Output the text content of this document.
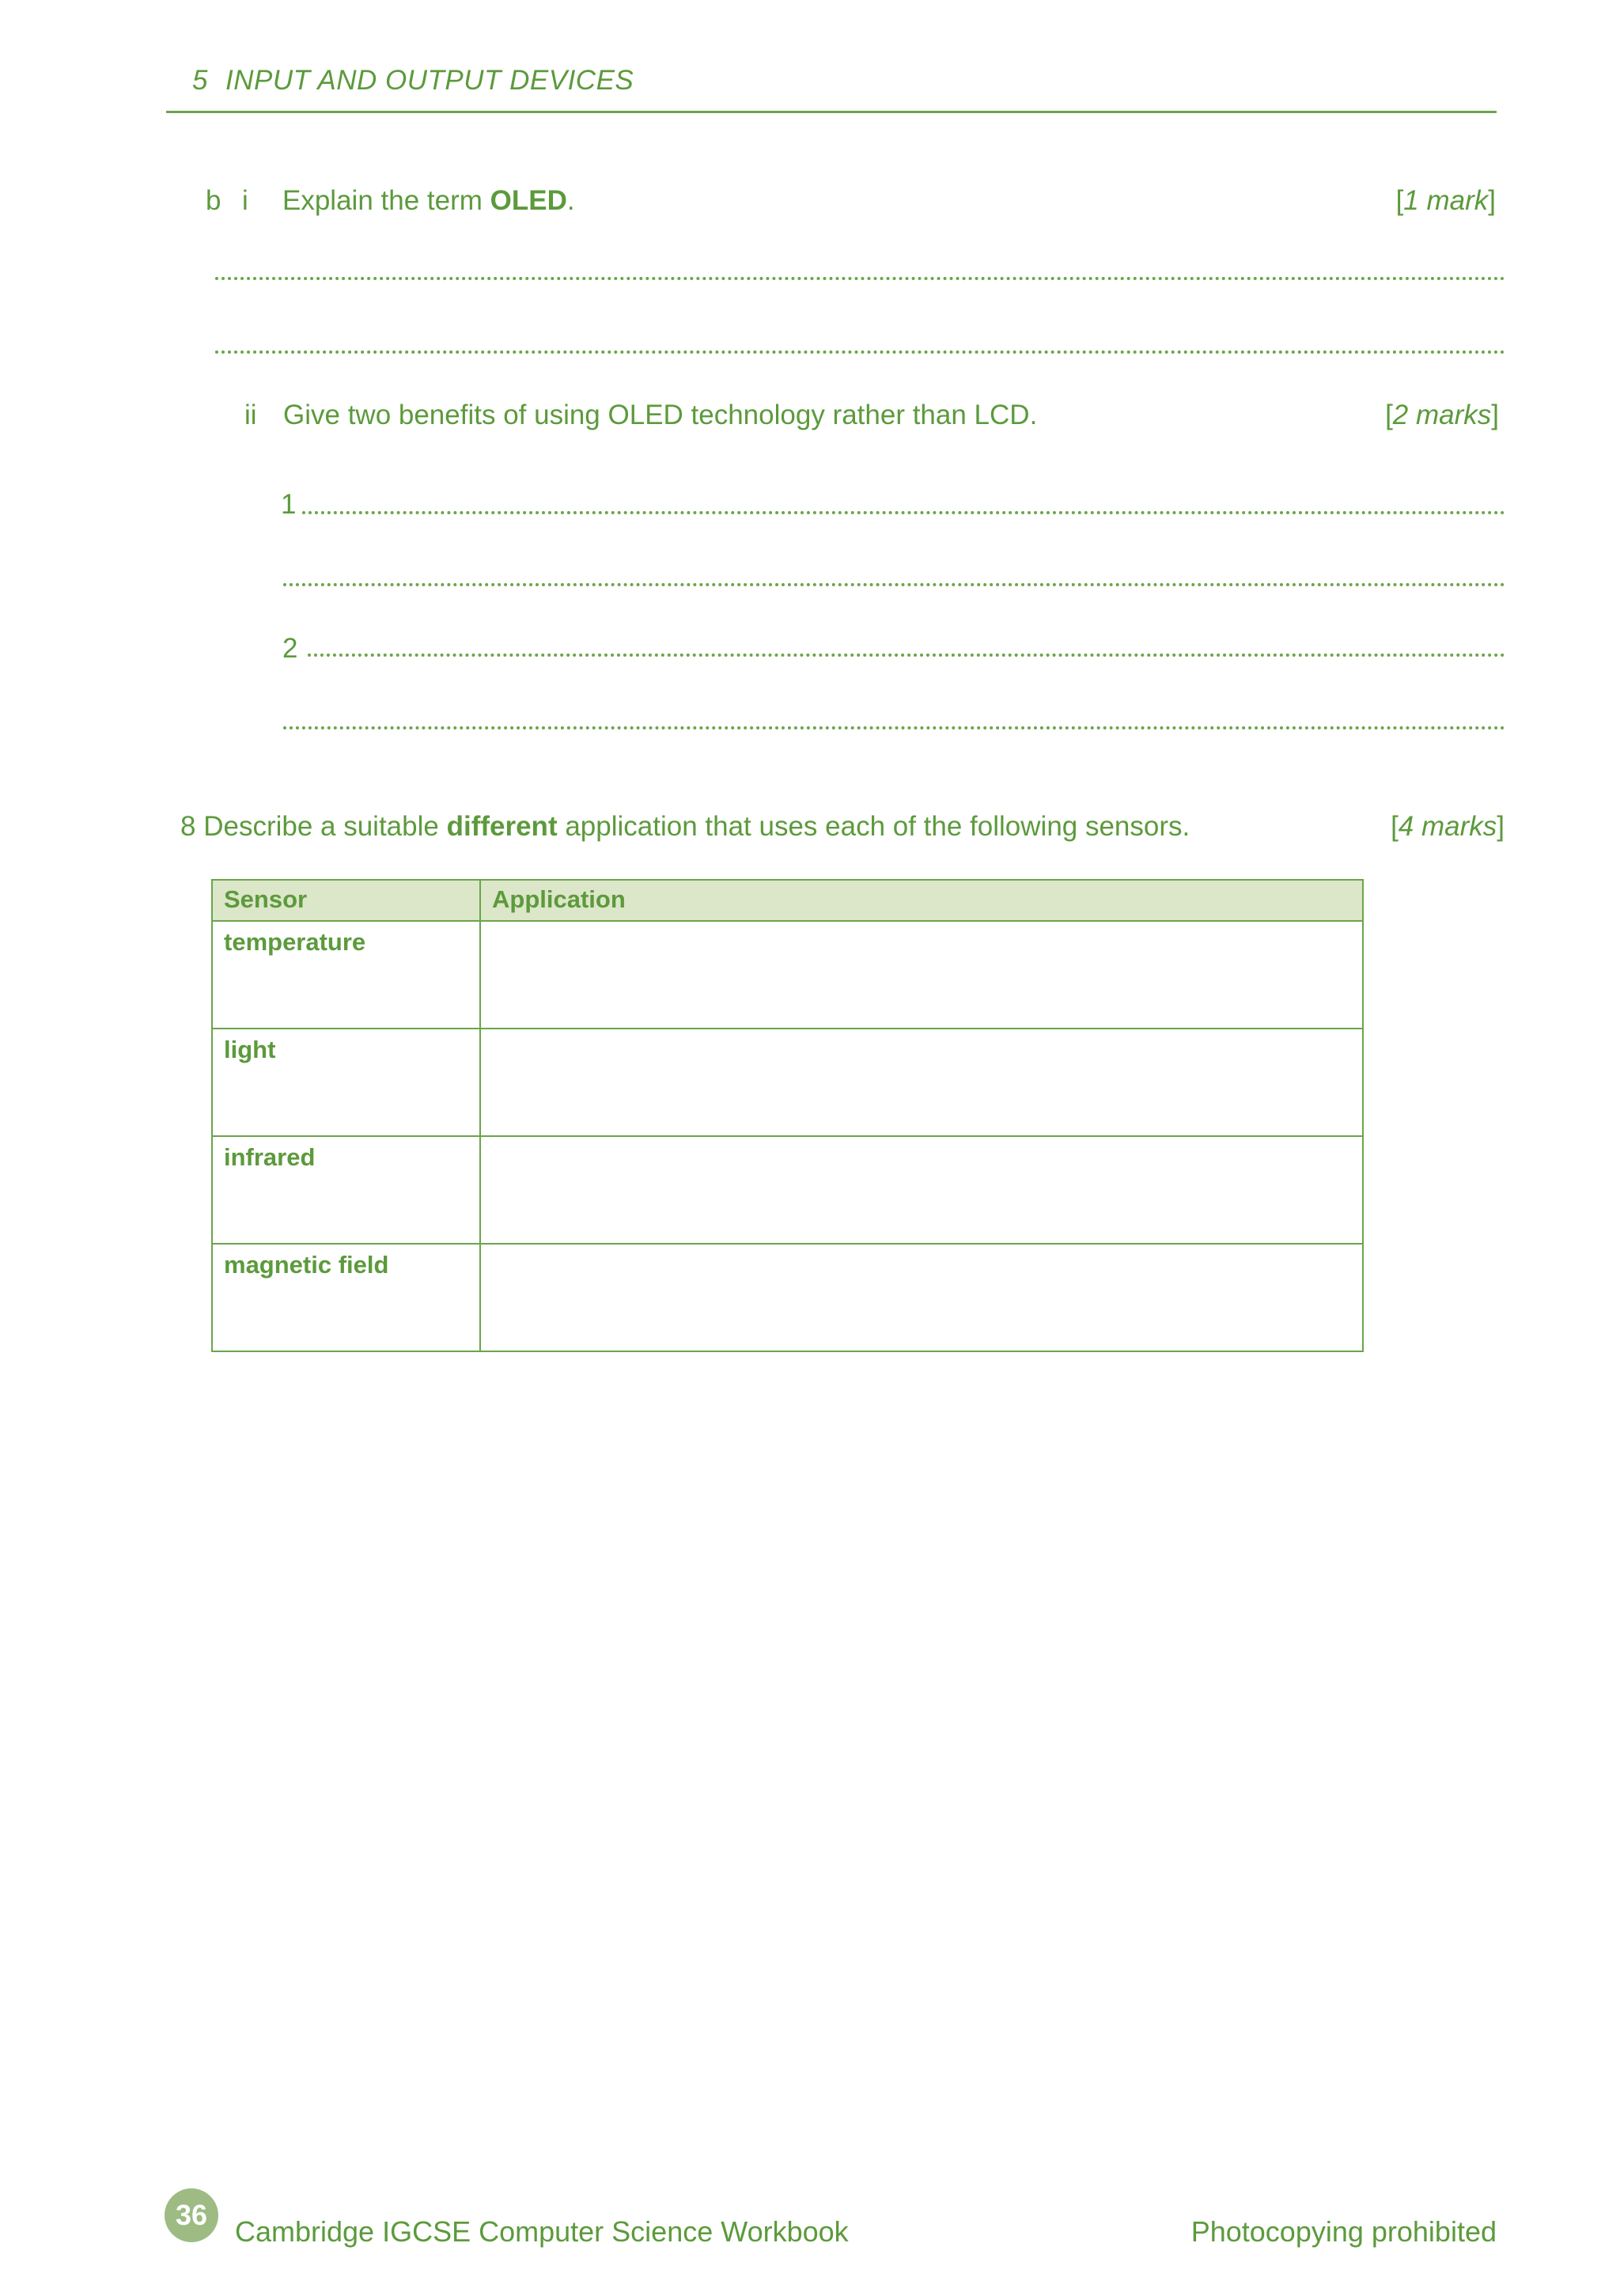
5 INPUT AND OUTPUT DEVICES
b i Explain the term OLED.	[1 mark]
ii Give two benefits of using OLED technology rather than LCD.	[2 marks]
1
2
8 Describe a suitable different application that uses each of the following sensors.	[4 marks]
Sensor	Application
temperature	
light	
infrared	
magnetic field	
36
Cambridge IGCSE Computer Science Workbook	Photocopying prohibited
